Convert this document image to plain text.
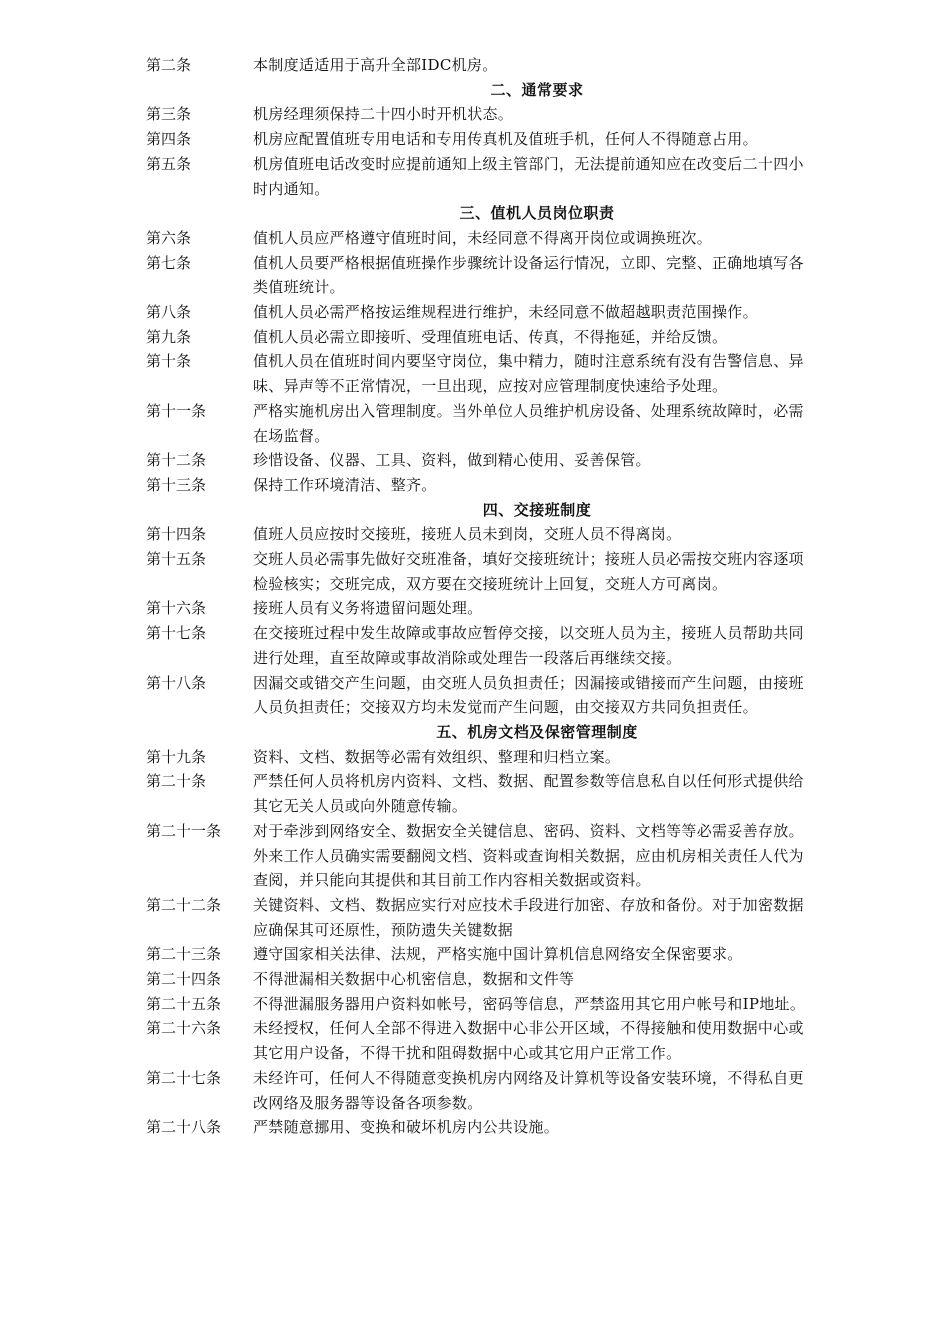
第二条	本制度适适用于高升全部IDC机房。
二、通常要求
第三条	机房经理须保持二十四小时开机状态。
第四条	机房应配置值班专用电话和专用传真机及值班手机，任何人不得随意占用。
第五条	机房值班电话改变时应提前通知上级主管部门，无法提前通知应在改变后二十四小时内通知。
三、值机人员岗位职责
第六条	值机人员应严格遵守值班时间，未经同意不得离开岗位或调换班次。
第七条	值机人员要严格根据值班操作步骤统计设备运行情况，立即、完整、正确地填写各类值班统计。
第八条	值机人员必需严格按运维规程进行维护，未经同意不做超越职责范围操作。
第九条	值机人员必需立即接听、受理值班电话、传真，不得拖延，并给反馈。
第十条	值机人员在值班时间内要坚守岗位，集中精力，随时注意系统有没有告警信息、异味、异声等不正常情况，一旦出现，应按对应管理制度快速给予处理。
第十一条	严格实施机房出入管理制度。当外单位人员维护机房设备、处理系统故障时，必需在场监督。
第十二条	珍惜设备、仪器、工具、资料，做到精心使用、妥善保管。
第十三条	保持工作环境清洁、整齐。
四、交接班制度
第十四条	值班人员应按时交接班，接班人员未到岗，交班人员不得离岗。
第十五条	交班人员必需事先做好交班准备，填好交接班统计；接班人员必需按交班内容逐项检验核实；交班完成，双方要在交接班统计上回复，交班人方可离岗。
第十六条	接班人员有义务将遗留问题处理。
第十七条	在交接班过程中发生故障或事故应暂停交接，以交班人员为主，接班人员帮助共同进行处理，直至故障或事故消除或处理告一段落后再继续交接。
第十八条	因漏交或错交产生问题，由交班人员负担责任；因漏接或错接而产生问题，由接班人员负担责任；交接双方均未发觉而产生问题，由交接双方共同负担责任。
五、机房文档及保密管理制度
第十九条	资料、文档、数据等必需有效组织、整理和归档立案。
第二十条	严禁任何人员将机房内资料、文档、数据、配置参数等信息私自以任何形式提供给其它无关人员或向外随意传输。
第二十一条	对于牵涉到网络安全、数据安全关键信息、密码、资料、文档等等必需妥善存放。外来工作人员确实需要翻阅文档、资料或查询相关数据，应由机房相关责任人代为查阅，并只能向其提供和其目前工作内容相关数据或资料。
第二十二条	关键资料、文档、数据应实行对应技术手段进行加密、存放和备份。对于加密数据应确保其可还原性，预防遗失关键数据
第二十三条	遵守国家相关法律、法规，严格实施中国计算机信息网络安全保密要求。
第二十四条	不得泄漏相关数据中心机密信息，数据和文件等
第二十五条	不得泄漏服务器用户资料如帐号，密码等信息，严禁盗用其它用户帐号和IP地址。
第二十六条	未经授权，任何人全部不得进入数据中心非公开区域，不得接触和使用数据中心或其它用户设备，不得干扰和阻碍数据中心或其它用户正常工作。
第二十七条	未经许可，任何人不得随意变换机房内网络及计算机等设备安装环境，不得私自更改网络及服务器等设备各项参数。
第二十八条	严禁随意挪用、变换和破坏机房内公共设施。
